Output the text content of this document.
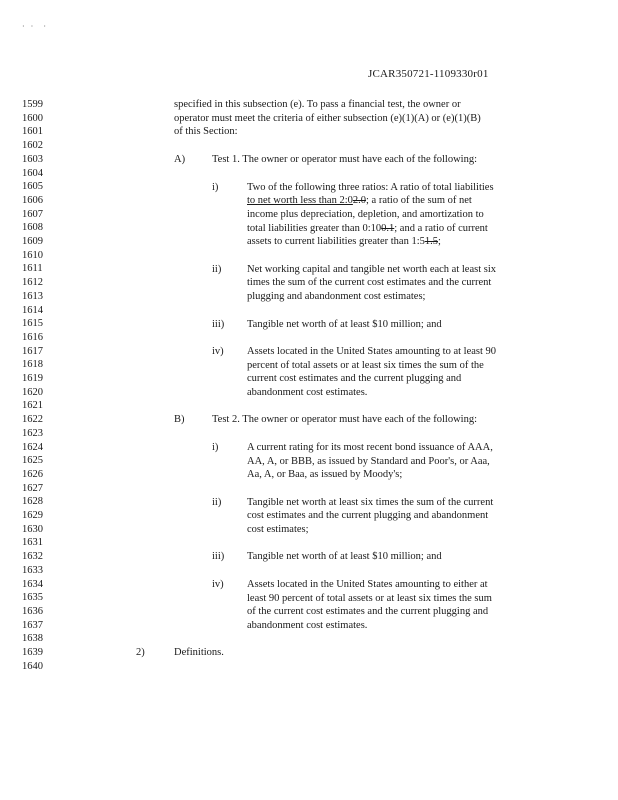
·   ·     ·
JCAR350721-1109330r01
1599
1600
1601
1602
1603
1604
1605
1606
1607
1608
1609
1610
1611
1612
1613
1614
1615
1616
1617
1618
1619
1620
1621
1622
1623
1624
1625
1626
1627
1628
1629
1630
1631
1632
1633
1634
1635
1636
1637
1638
1639
1640
specified in this subsection (e). To pass a financial test, the owner or
operator must meet the criteria of either subsection (e)(1)(A) or (e)(1)(B)
of this Section:
A)	Test 1. The owner or operator must have each of the following:
i)	Two of the following three ratios: A ratio of total liabilities
to net worth less than 2:02.0; a ratio of the sum of net
income plus depreciation, depletion, and amortization to
total liabilities greater than 0:100.1; and a ratio of current
assets to current liabilities greater than 1:51.5;
ii) Net working capital and tangible net worth each at least six
times the sum of the current cost estimates and the current
plugging and abandonment cost estimates;
iii) Tangible net worth of at least $10 million; and
iv) Assets located in the United States amounting to at least 90
percent of total assets or at least six times the sum of the
current cost estimates and the current plugging and
abandonment cost estimates.
B)	Test 2. The owner or operator must have each of the following:
i)	A current rating for its most recent bond issuance of AAA,
AA, A, or BBB, as issued by Standard and Poor's, or Aaa,
Aa, A, or Baa, as issued by Moody's;
ii) Tangible net worth at least six times the sum of the current
cost estimates and the current plugging and abandonment
cost estimates;
iii) Tangible net worth of at least $10 million; and
iv) Assets located in the United States amounting to either at
least 90 percent of total assets or at least six times the sum
of the current cost estimates and the current plugging and
abandonment cost estimates.
2)	Definitions.
